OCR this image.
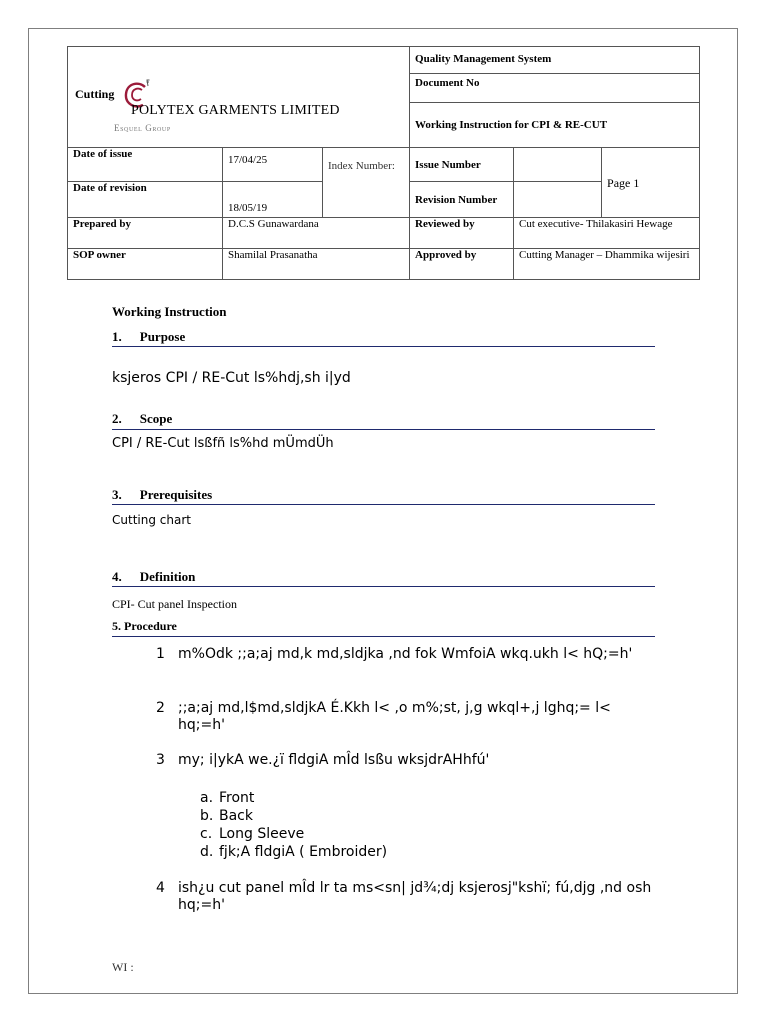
Cutting
POLYTEX GARMENTS LIMITED
Esquel Group			Quality Management System		
			Document No		
			Working Instruction for CPI & RE-CUT		
Date of issue	17/04/25	Index Number:	Issue Number		Page 1
Date of revision	18/05/19		Revision Number		
Prepared by	D.C.S Gunawardana		Reviewed by	Cut executive- Thilakasiri Hewage	
SOP owner	Shamilal Prasanatha		Approved by	Cutting Manager – Dhammika wijesiri	
Working Instruction
1. Purpose
ksjeros CPI / RE-Cut ls%hdj,sh i|yd
2. Scope
CPI / RE-Cut lsßfñ ls%hd mÜmdÜh
3. Prerequisites
Cutting chart
4. Definition
CPI- Cut panel Inspection
5. Procedure
1 m%Odk ;;a;aj md,k md,sldjka ,nd fok WmfoiA wkq.ukh l< hQ;=h'
2 ;;a;aj md,l$md,sldjkA É.Kkh l< ,o m%;st, j,g wkql+,j lghq;= l< hq;=h'
3 my; i|ykA we.¿ï fldgiA mÎd lsßu wksjdrAHhfú'
a. Front
b. Back
c. Long Sleeve
d. fjk;A fldgiA ( Embroider)
4 ish¿u cut panel mÎd lr ta ms<sn| jd¾;dj ksjerosj"kshï; fú,djg ,nd osh hq;=h'
WI :
